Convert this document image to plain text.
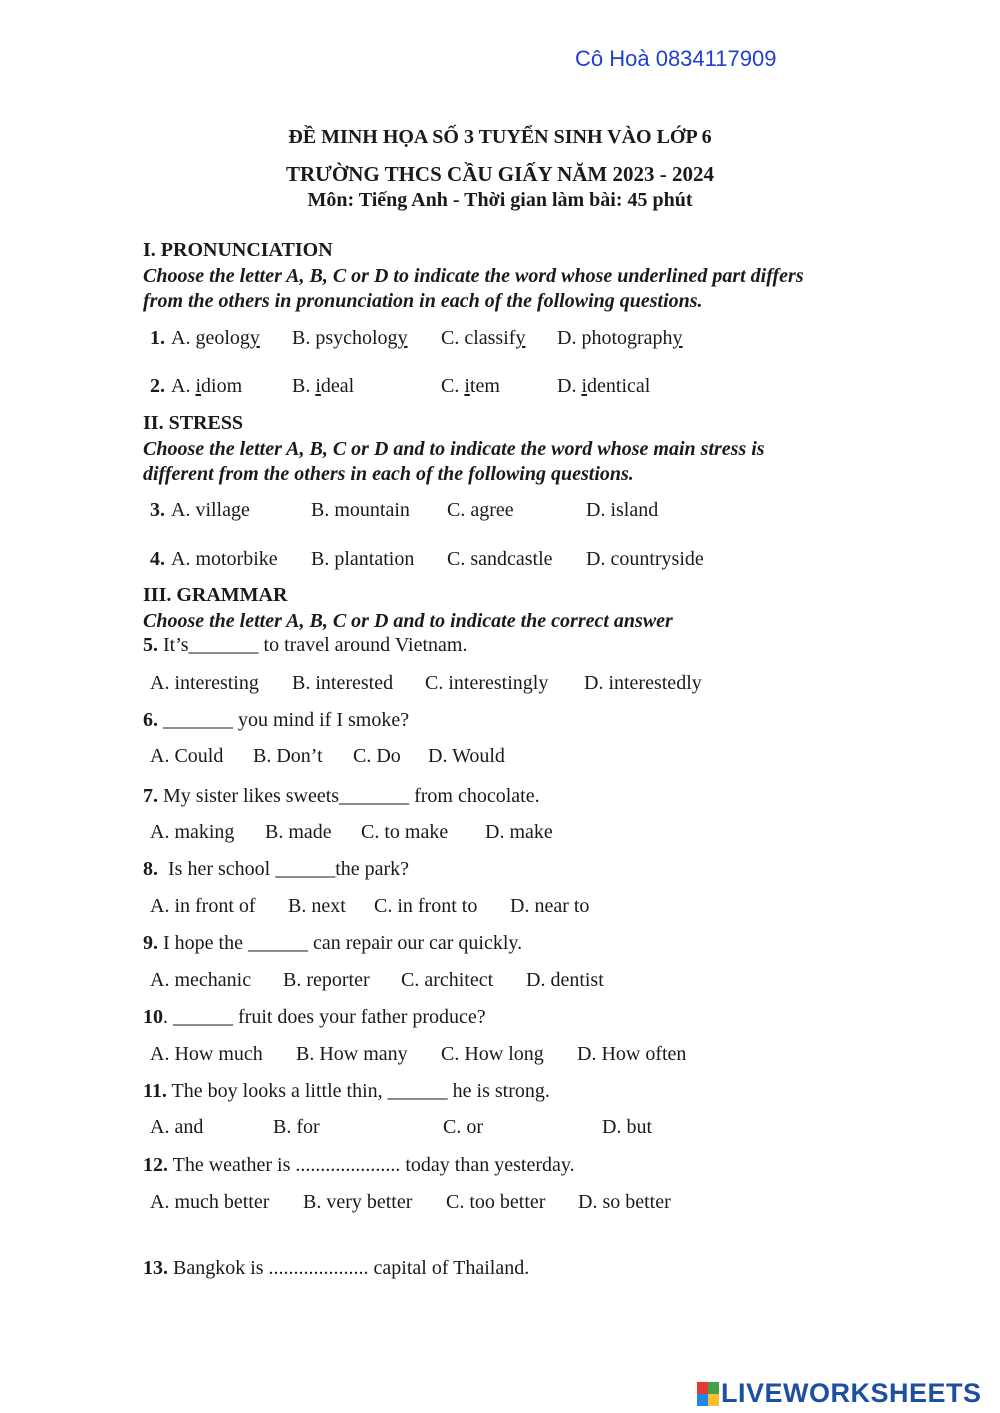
Cô Hoà 0834117909
ĐỀ MINH HỌA SỐ 3 TUYỂN SINH VÀO LỚP 6
TRƯỜNG THCS CẦU GIẤY NĂM 2023 - 2024
Môn: Tiếng Anh - Thời gian làm bài: 45 phút
I. PRONUNCIATION
Choose the letter A, B, C or D to indicate the word whose underlined part differs
from the others in pronunciation in each of the following questions.
1. A. geology B. psychology C. classify D. photography
2. A. idiom B. ideal	C. item	D. identical
II. STRESS
Choose the letter A, B, C or D and to indicate the word whose main stress is
different from the others in each of the following questions.
3. A. village	B. mountain C. agree	D. island
4. A. motorbike B. plantation C. sandcastle D. countryside
III. GRAMMAR
Choose the letter A, B, C or D and to indicate the correct answer
5. It’s_______ to travel around Vietnam.
A. interesting B. interested C. interestingly D. interestedly
6. _______ you mind if I smoke?
A. Could B. Don’t C. Do D. Would
7. My sister likes sweets_______ from chocolate.
A. making B. made C. to make D. make
8. Is her school ______the park?
A. in front of B. next C. in front to D. near to
9. I hope the ______ can repair our car quickly.
A. mechanic B. reporter C. architect D. dentist
10. ______ fruit does your father produce?
A. How much B. How many C. How long D. How often
11. The boy looks a little thin, ______ he is strong.
A. and	B. for	C. or	D. but
12. The weather is ..................... today than yesterday.
A. much better B. very better C. too better D. so better
13. Bangkok is .................... capital of Thailand.
LIVEWORKSHEETS
